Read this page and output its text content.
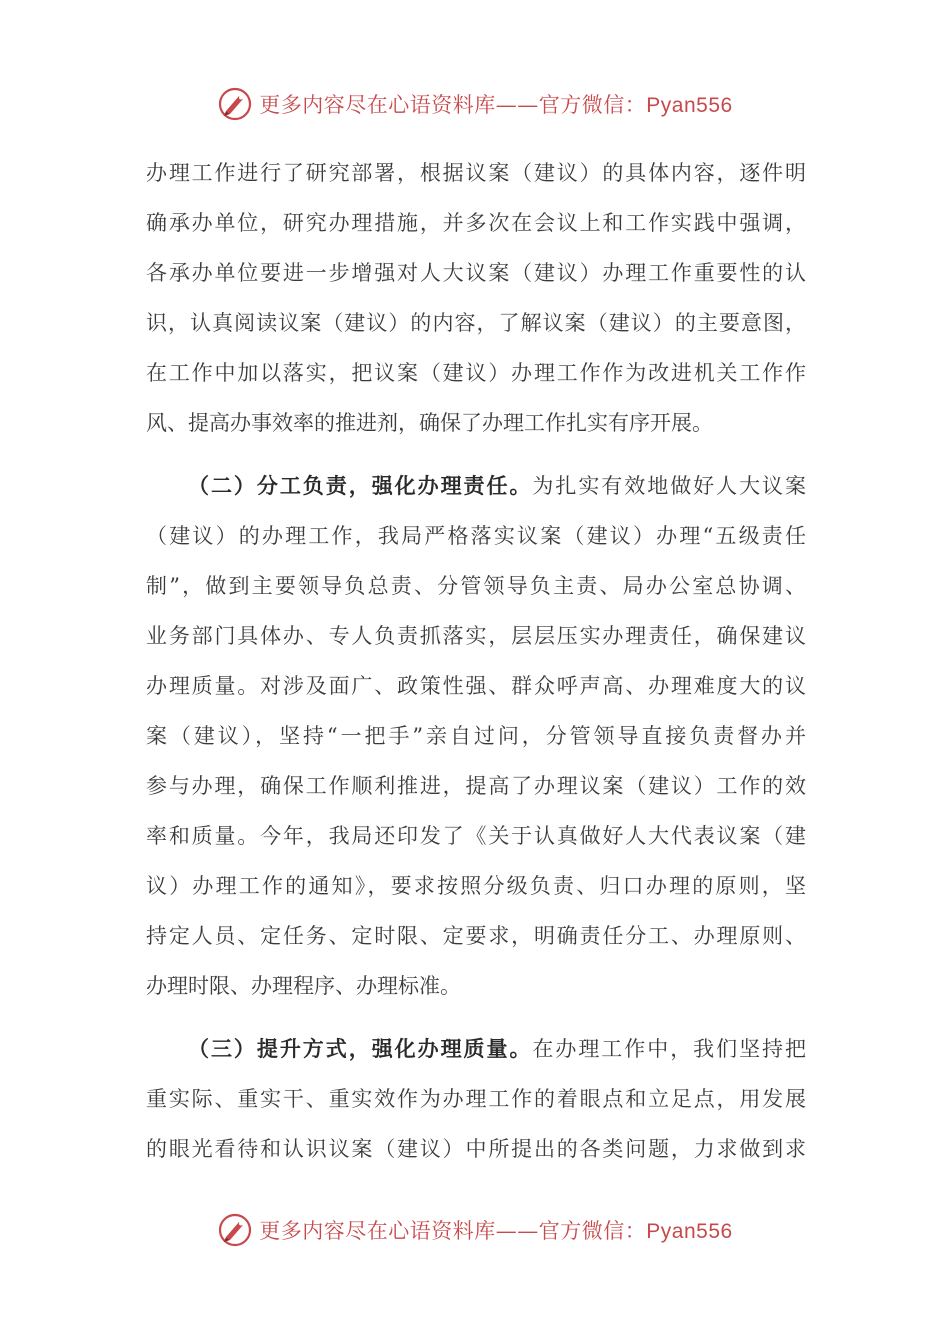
更多内容尽在心语资料库——官方微信：Pyan556
办理工作进行了研究部署，根据议案（建议）的具体内容，逐件明
确承办单位，研究办理措施，并多次在会议上和工作实践中强调，
各承办单位要进一步增强对人大议案（建议）办理工作重要性的认
识，认真阅读议案（建议）的内容，了解议案（建议）的主要意图，
在工作中加以落实，把议案（建议）办理工作作为改进机关工作作
风、提高办事效率的推进剂，确保了办理工作扎实有序开展。
（二）分工负责，强化办理责任。为扎实有效地做好人大议案
（建议）的办理工作，我局严格落实议案（建议）办理“五级责任
制”，做到主要领导负总责、分管领导负主责、局办公室总协调、
业务部门具体办、专人负责抓落实，层层压实办理责任，确保建议
办理质量。对涉及面广、政策性强、群众呼声高、办理难度大的议
案（建议），坚持“一把手”亲自过问，分管领导直接负责督办并
参与办理，确保工作顺利推进，提高了办理议案（建议）工作的效
率和质量。今年，我局还印发了《关于认真做好人大代表议案（建
议）办理工作的通知》，要求按照分级负责、归口办理的原则，坚
持定人员、定任务、定时限、定要求，明确责任分工、办理原则、
办理时限、办理程序、办理标准。
（三）提升方式，强化办理质量。在办理工作中，我们坚持把
重实际、重实干、重实效作为办理工作的着眼点和立足点，用发展
的眼光看待和认识议案（建议）中所提出的各类问题，力求做到求
更多内容尽在心语资料库——官方微信：Pyan556
